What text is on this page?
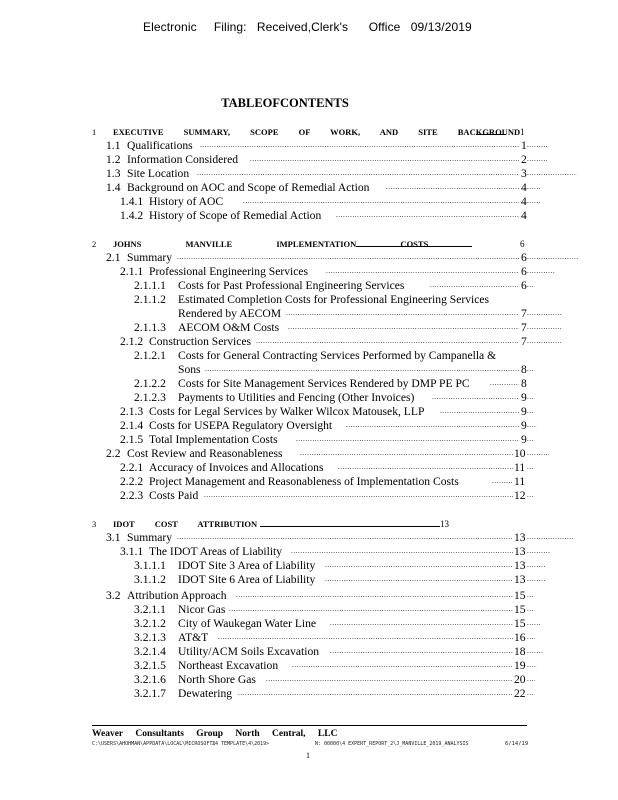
Electronic     Filing:   Received,Clerk's      Office   09/13/2019
TABLEOFCONTENTS
1 EXECUTIVE SUMMARY, SCOPE OF WORK, AND SITE BACKGROUND 1
1.1 Qualifications .....	1
.....
1.2 Information Considered .....	2
.....
1.3 Site Location .....	3
.....
1.4 Background on AOC and Scope of Remedial Action .....	4
.....
1.4.1 History of AOC .....	4
.....
1.4.2 History of Scope of Remedial Action .....	4
2 JOHNS MANVILLE IMPLEMENTATION COSTS	6
2.1 Summary .....	6
.....
2.1.1 Professional Engineering Services .....	6
.....
2.1.1.1 Costs for Past Professional Engineering Services .....	6
.....
2.1.1.2 Estimated Completion Costs for Professional Engineering Services
Rendered by AECOM .....	7
.....
2.1.1.3 AECOM O&M Costs .....	7
.....
2.1.2 Construction Services .....	7
.....
2.1.2.1 Costs for General Contracting Services Performed by Campanella &
Sons .....	8
.....
2.1.2.2 Costs for Site Management Services Rendered by DMP PE PC .....	8
2.1.2.3 Payments to Utilities and Fencing (Other Invoices) .....	9
.....
2.1.3 Costs for Legal Services by Walker Wilcox Matousek, LLP .....	9
.....
2.1.4 Costs for USEPA Regulatory Oversight .....	9
.....
2.1.5 Total Implementation Costs .....	9
.....
2.2 Cost Review and Reasonableness .....	10
.....
2.2.1 Accuracy of Invoices and Allocations .....	11
.....
2.2.2 Project Management and Reasonableness of Implementation Costs .....	11
2.2.3 Costs Paid .....	12
.....
3 IDOT COST ATTRIBUTION	13
3.1 Summary .....	13
.....
3.1.1 The IDOT Areas of Liability .....	13
.....
3.1.1.1 IDOT Site 3 Area of Liability .....	13
.....
3.1.1.2 IDOT Site 6 Area of Liability .....	13
.....
3.2 Attribution Approach .....	15
.....
3.2.1.1 Nicor Gas .....	15
.....
3.2.1.2 City of Waukegan Water Line .....	15
.....
3.2.1.3 AT&T .....	16
.....
3.2.1.4 Utility/ACM Soils Excavation .....	18
.....
3.2.1.5 Northeast Excavation .....	19
.....
3.2.1.6 North Shore Gas .....	20
.....
3.2.1.7 Dewatering .....	22
.....
Weaver Consultants Group North Central, LLC
C:\USERS\AHOHMAN\APPDATA\LOCAL\MICROSOFT\
24 TEMPLATE\4\2019>	N: 00000\4 EXPERT_REPORT_2\J_MANVILLE_2019_ANALYSIS	6/14/19
1
